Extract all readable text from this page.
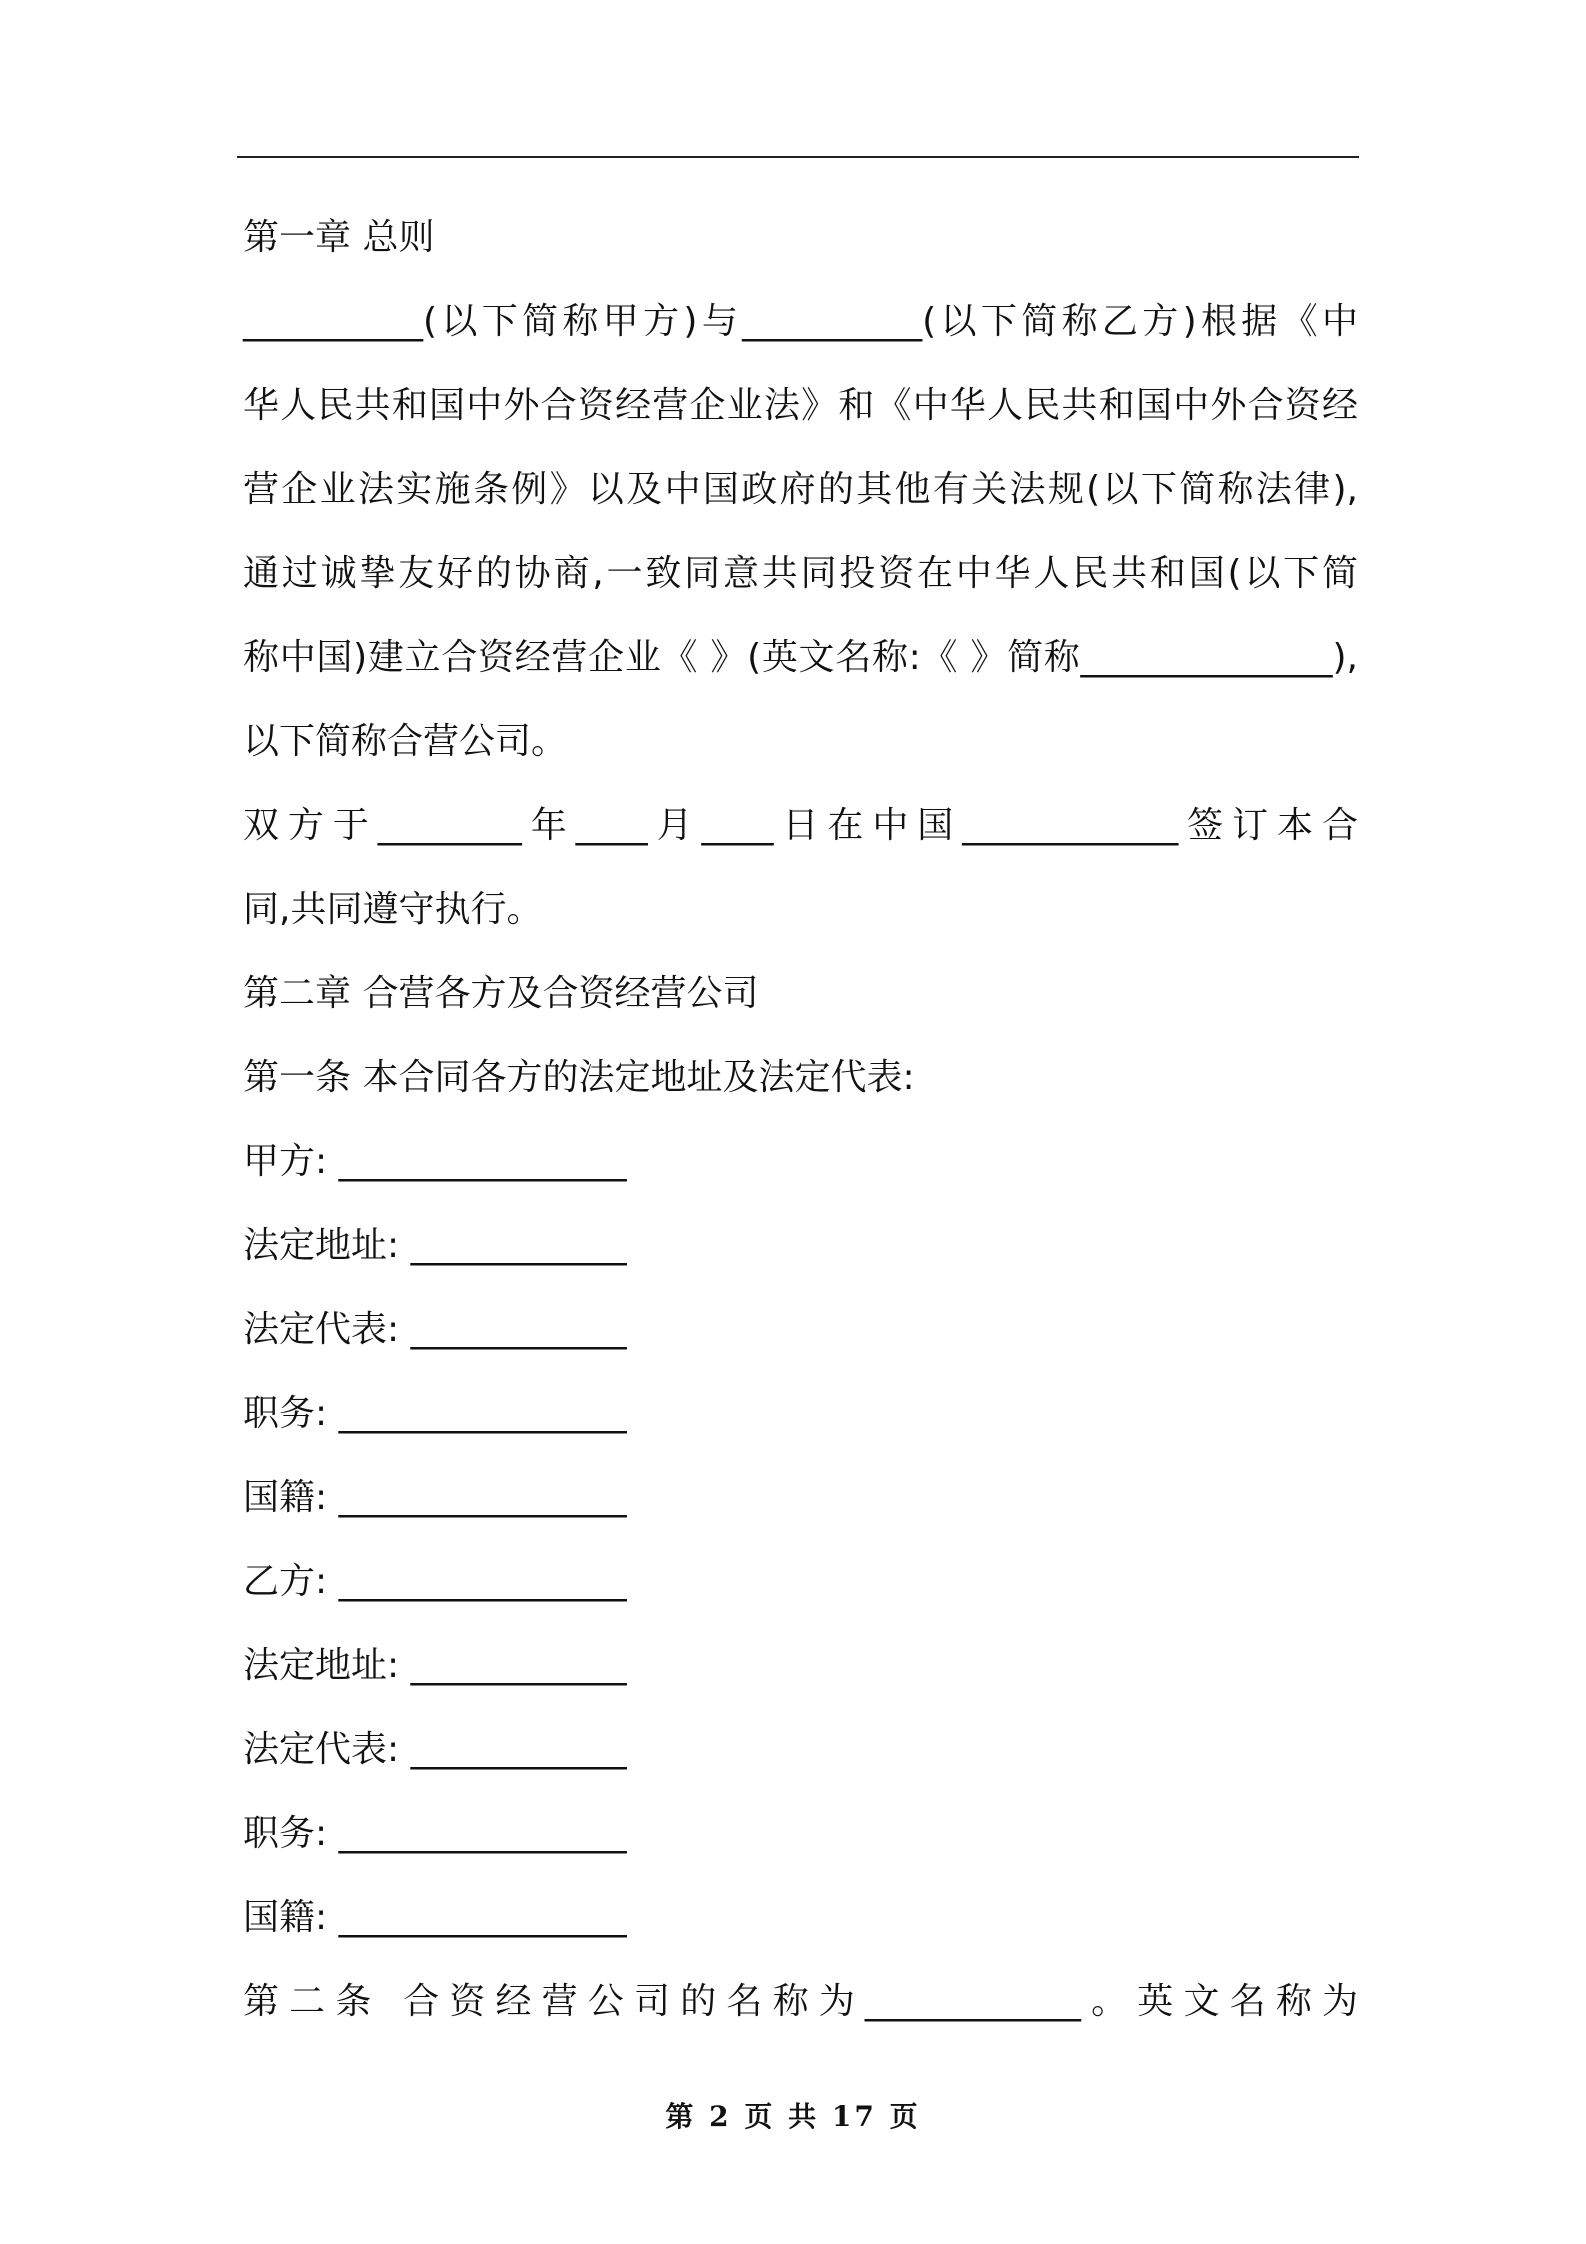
第一章 总则
__________(以下简称甲方)与__________(以下简称乙方)根据《中
华人民共和国中外合资经营企业法》和《中华人民共和国中外合资经
营企业法实施条例》以及中国政府的其他有关法规(以下简称法律),
通过诚挚友好的协商,一致同意共同投资在中华人民共和国(以下简
称中国)建立合资经营企业《 》(英文名称:《 》简称______________),
以下简称合营公司。
双方于________年____月____日在中国____________签订本合
同,共同遵守执行。
第二章 合营各方及合资经营公司
第一条 本合同各方的法定地址及法定代表:
甲方: ________________
法定地址: ____________
法定代表: ____________
职务: ________________
国籍: ________________
乙方: ________________
法定地址: ____________
法定代表: ____________
职务: ________________
国籍: ________________
第二条 合资经营公司的名称为____________。英文名称为
第 2 页 共 17 页
